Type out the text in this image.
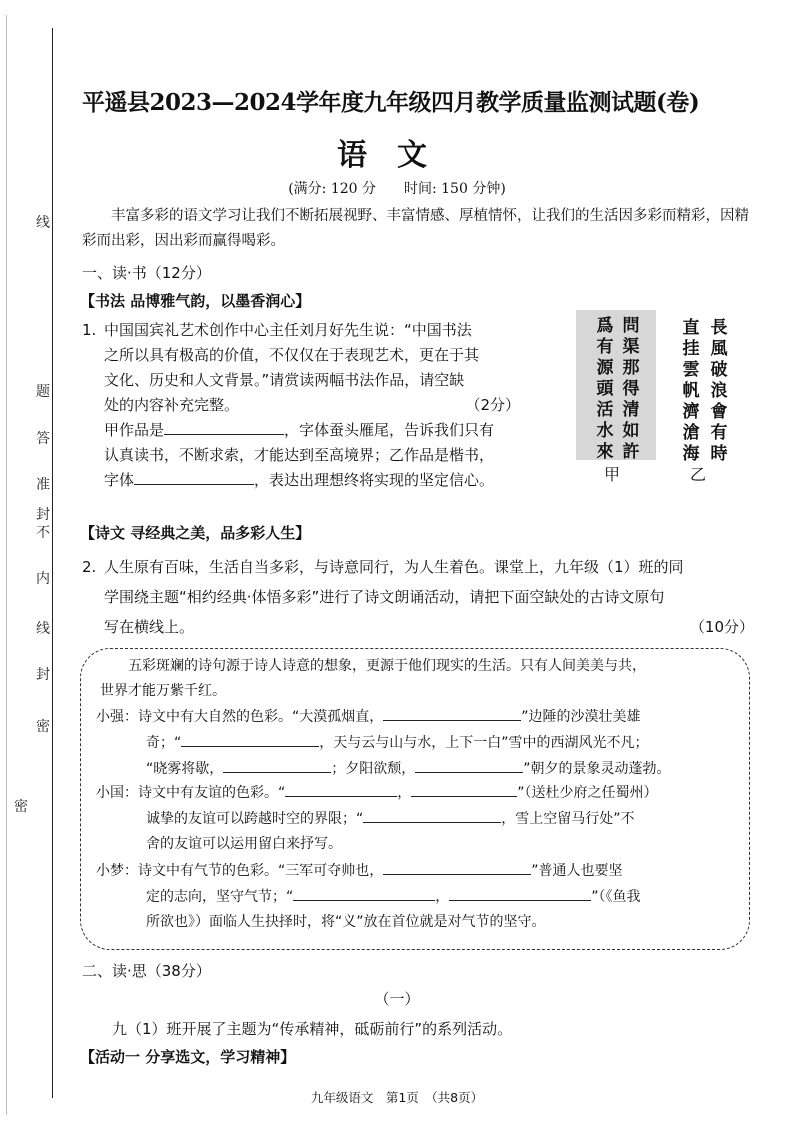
线
题
答
准
不
内
线
封
密
封
密
平遥县2023—2024学年度九年级四月教学质量监测试题(卷)
语文
(满分: 120 分　　时间: 150 分钟)
丰富多彩的语文学习让我们不断拓展视野、丰富情感、厚植情怀，让我们的生活因多彩而精彩，因精彩而出彩，因出彩而赢得喝彩。
一、读·书（12分）
【书法 品博雅气韵，以墨香润心】
1. 中国国宾礼艺术创作中心主任刘月好先生说：“中国书法
之所以具有极高的价值，不仅仅在于表现艺术，更在于其
文化、历史和人文背景。”请赏读两幅书法作品，请空缺
处的内容补充完整。	（2分）
甲作品是	，字体蚕头雁尾，告诉我们只有
认真读书，不断求索，才能达到至高境界；乙作品是楷书，
字体	，表达出理想终将实现的坚定信心。
問
渠
那
得
清
如
許
爲
有
源
頭
活
水
來
長
風
破
浪
會
有
時
直
挂
雲
帆
濟
滄
海
甲	乙
【诗文 寻经典之美，品多彩人生】
2. 人生原有百味，生活自当多彩，与诗意同行，为人生着色。课堂上，九年级（1）班的同
学围绕主题“相约经典·体悟多彩”进行了诗文朗诵活动，请把下面空缺处的古诗文原句
写在横线上。	（10分）
五彩斑斓的诗句源于诗人诗意的想象，更源于他们现实的生活。只有人间美美与共，
世界才能万紫千红。
小强：诗文中有大自然的色彩。“大漠孤烟直，	”边陲的沙漠壮美雄
奇；“	，天与云与山与水，上下一白”雪中的西湖风光不凡；
“晓雾将歇，	；夕阳欲颓，	”朝夕的景象灵动蓬勃。
小国：诗文中有友谊的色彩。“	，	”（送杜少府之任蜀州）
诚挚的友谊可以跨越时空的界限；“	，雪上空留马行处”不
舍的友谊可以运用留白来抒写。
小梦：诗文中有气节的色彩。“三军可夺帅也，	”普通人也要坚
定的志向，坚守气节；“	，	”（《鱼我
所欲也》）面临人生抉择时，将“义”放在首位就是对气节的坚守。
二、读·思（38分）
（一）
九（1）班开展了主题为“传承精神，砥砺前行”的系列活动。
【活动一 分享选文，学习精神】
九年级语文　第1页　（共8页）
